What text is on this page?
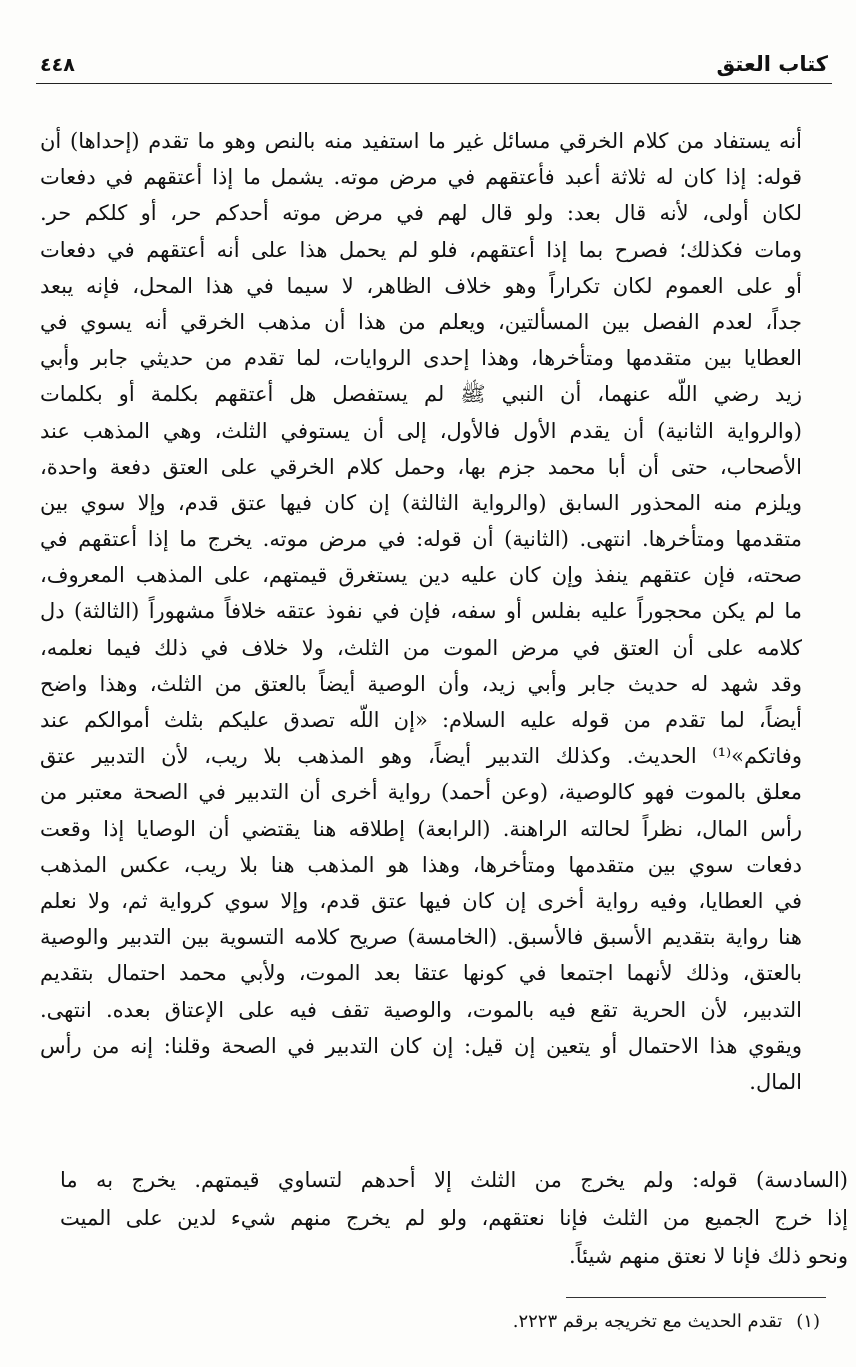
كتاب العتق
٤٤٨
أنه يستفاد من كلام الخرقي مسائل غير ما استفيد منه بالنص وهو ما تقدم (إحداها) أن
قوله: إذا كان له ثلاثة أعبد فأعتقهم في مرض موته. يشمل ما إذا أعتقهم في دفعات
لكان أولى، لأنه قال بعد: ولو قال لهم في مرض موته أحدكم حر، أو كلكم حر.
ومات فكذلك؛ فصرح بما إذا أعتقهم، فلو لم يحمل هذا على أنه أعتقهم في دفعات
أو على العموم لكان تكراراً وهو خلاف الظاهر، لا سيما في هذا المحل، فإنه يبعد
جداً، لعدم الفصل بين المسألتين، ويعلم من هذا أن مذهب الخرقي أنه يسوي في
العطايا بين متقدمها ومتأخرها، وهذا إحدى الروايات، لما تقدم من حديثي جابر وأبي
زيد رضي اللّه عنهما، أن النبي ﷺ لم يستفصل هل أعتقهم بكلمة أو بكلمات
(والرواية الثانية) أن يقدم الأول فالأول، إلى أن يستوفي الثلث، وهي المذهب عند
الأصحاب، حتى أن أبا محمد جزم بها، وحمل كلام الخرقي على العتق دفعة واحدة،
ويلزم منه المحذور السابق (والرواية الثالثة) إن كان فيها عتق قدم، وإلا سوي بين
متقدمها ومتأخرها. انتهى. (الثانية) أن قوله: في مرض موته. يخرج ما إذا أعتقهم في
صحته، فإن عتقهم ينفذ وإن كان عليه دين يستغرق قيمتهم، على المذهب المعروف،
ما لم يكن محجوراً عليه بفلس أو سفه، فإن في نفوذ عتقه خلافاً مشهوراً (الثالثة) دل
كلامه على أن العتق في مرض الموت من الثلث، ولا خلاف في ذلك فيما نعلمه،
وقد شهد له حديث جابر وأبي زيد، وأن الوصية أيضاً بالعتق من الثلث، وهذا واضح
أيضاً، لما تقدم من قوله عليه السلام: «إن اللّه تصدق عليكم بثلث أموالكم عند
وفاتكم»⁽¹⁾ الحديث. وكذلك التدبير أيضاً، وهو المذهب بلا ريب، لأن التدبير عتق
معلق بالموت فهو كالوصية، (وعن أحمد) رواية أخرى أن التدبير في الصحة معتبر من
رأس المال، نظراً لحالته الراهنة. (الرابعة) إطلاقه هنا يقتضي أن الوصايا إذا وقعت
دفعات سوي بين متقدمها ومتأخرها، وهذا هو المذهب هنا بلا ريب، عكس المذهب
في العطايا، وفيه رواية أخرى إن كان فيها عتق قدم، وإلا سوي كرواية ثم، ولا نعلم
هنا رواية بتقديم الأسبق فالأسبق. (الخامسة) صريح كلامه التسوية بين التدبير والوصية
بالعتق، وذلك لأنهما اجتمعا في كونها عتقا بعد الموت، ولأبي محمد احتمال بتقديم
التدبير، لأن الحرية تقع فيه بالموت، والوصية تقف فيه على الإعتاق بعده. انتهى.
ويقوي هذا الاحتمال أو يتعين إن قيل: إن كان التدبير في الصحة وقلنا: إنه من رأس
المال.
(السادسة) قوله: ولم يخرج من الثلث إلا أحدهم لتساوي قيمتهم. يخرج به ما
إذا خرج الجميع من الثلث فإنا نعتقهم، ولو لم يخرج منهم شيء لدين على الميت
ونحو ذلك فإنا لا نعتق منهم شيئاً.
(١)تقدم الحديث مع تخريجه برقم ٢٢٢٣.
